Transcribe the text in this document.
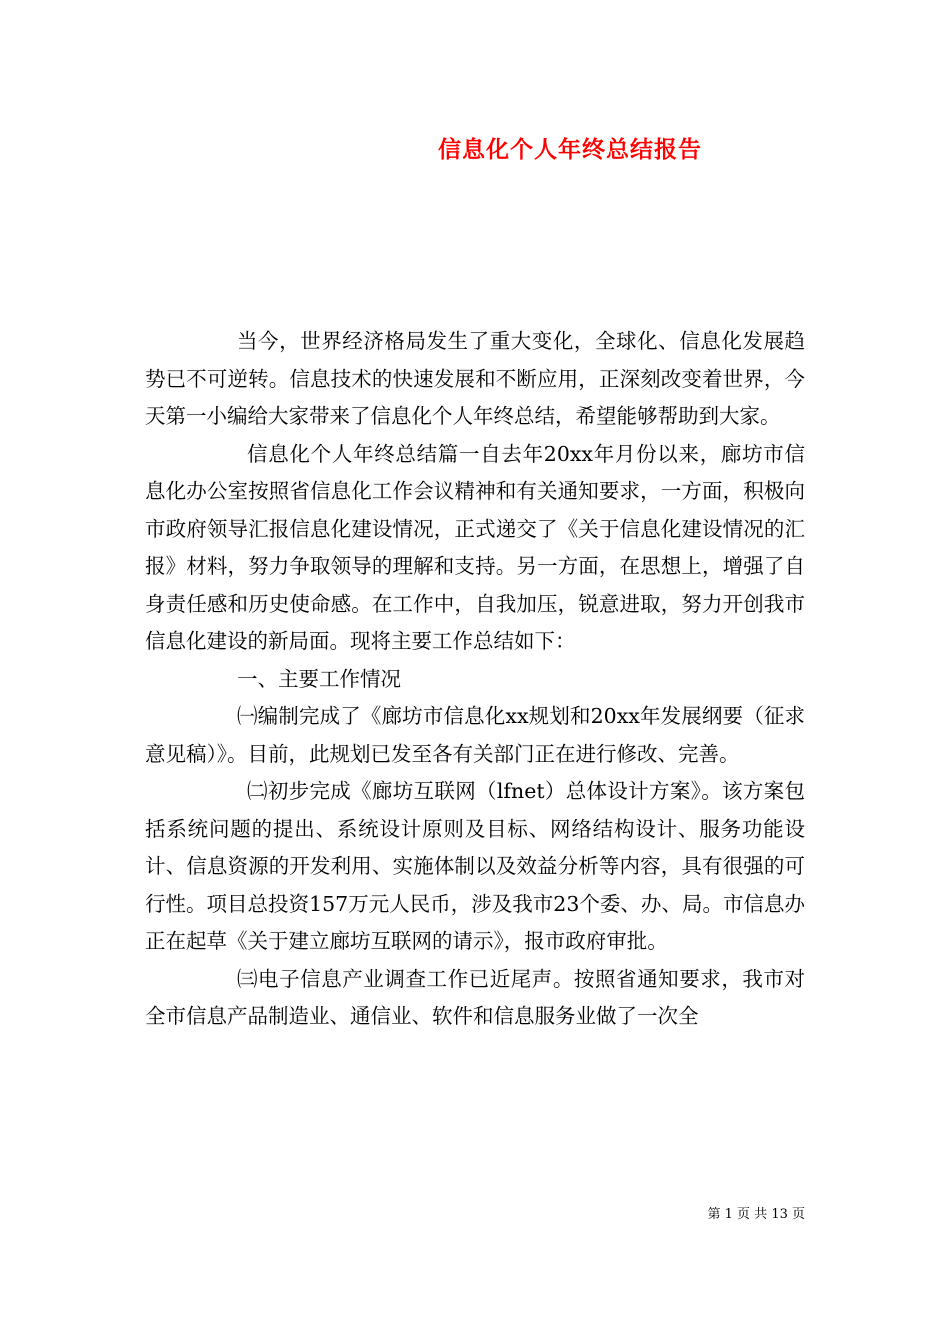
信息化个人年终总结报告

当今，世界经济格局发生了重大变化，全球化、信息化发展趋势已不可逆转。信息技术的快速发展和不断应用，正深刻改变着世界，今天第一小编给大家带来了信息化个人年终总结，希望能够帮助到大家。

信息化个人年终总结篇一自去年20xx年月份以来，廊坊市信息化办公室按照省信息化工作会议精神和有关通知要求，一方面，积极向市政府领导汇报信息化建设情况，正式递交了《关于信息化建设情况的汇报》材料，努力争取领导的理解和支持。另一方面，在思想上，增强了自身责任感和历史使命感。在工作中，自我加压，锐意进取，努力开创我市信息化建设的新局面。现将主要工作总结如下：

一、主要工作情况

㈠编制完成了《廊坊市信息化xx规划和20xx年发展纲要（征求意见稿）》。目前，此规划已发至各有关部门正在进行修改、完善。

㈡初步完成《廊坊互联网（lfnet）总体设计方案》。该方案包括系统问题的提出、系统设计原则及目标、网络结构设计、服务功能设计、信息资源的开发利用、实施体制以及效益分析等内容，具有很强的可行性。项目总投资157万元人民币，涉及我市23个委、办、局。市信息办正在起草《关于建立廊坊互联网的请示》，报市政府审批。

㈢电子信息产业调查工作已近尾声。按照省通知要求，我市对全市信息产品制造业、通信业、软件和信息服务业做了一次全

第 1 页 共 13 页
